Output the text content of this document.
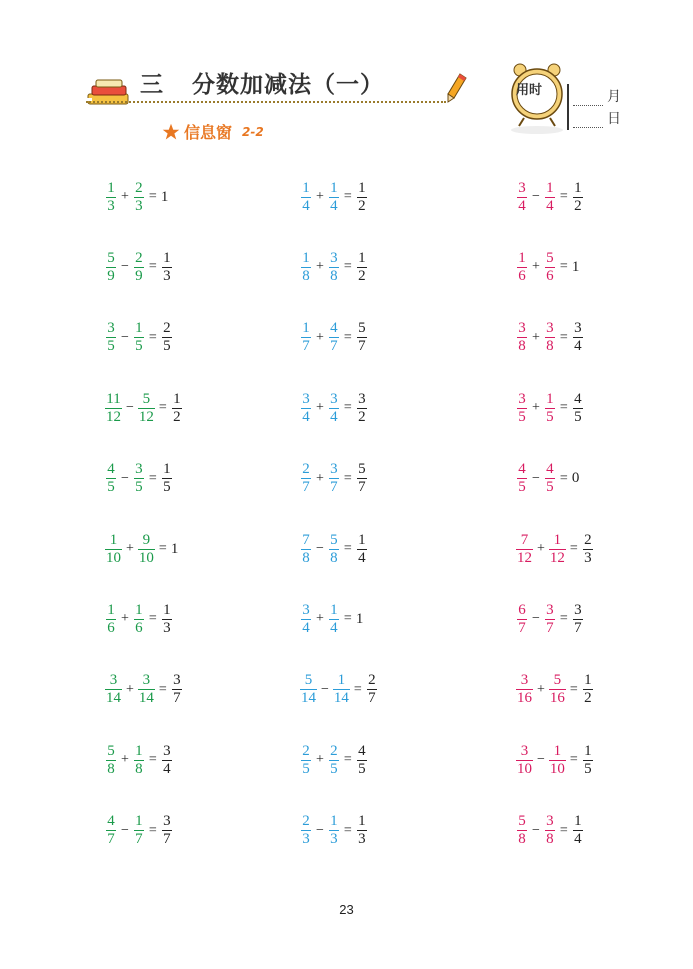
三 分数加减法（一）
信息窗 2-2
用时	月
日
$\frac{1}{3} + \frac{2}{3} = 1$
$\frac{5}{9} - \frac{2}{9} = \frac{1}{3}$
$\frac{3}{5} - \frac{1}{5} = \frac{2}{5}$
$\frac{11}{12} - \frac{5}{12} = \frac{1}{2}$
$\frac{4}{5} - \frac{3}{5} = \frac{1}{5}$
$\frac{1}{10} + \frac{9}{10} = 1$
$\frac{1}{6} + \frac{1}{6} = \frac{1}{3}$
$\frac{3}{14} + \frac{3}{14} = \frac{3}{7}$
$\frac{5}{8} + \frac{1}{8} = \frac{3}{4}$
$\frac{4}{7} - \frac{1}{7} = \frac{3}{7}$
$\frac{1}{4} + \frac{1}{4} = \frac{1}{2}$
$\frac{1}{8} + \frac{3}{8} = \frac{1}{2}$
$\frac{1}{7} + \frac{4}{7} = \frac{5}{7}$
$\frac{3}{4} + \frac{3}{4} = \frac{3}{2}$
$\frac{2}{7} + \frac{3}{7} = \frac{5}{7}$
$\frac{7}{8} - \frac{5}{8} = \frac{1}{4}$
$\frac{3}{4} + \frac{1}{4} = 1$
$\frac{5}{14} - \frac{1}{14} = \frac{2}{7}$
$\frac{2}{5} + \frac{2}{5} = \frac{4}{5}$
$\frac{2}{3} - \frac{1}{3} = \frac{1}{3}$
$\frac{3}{4} - \frac{1}{4} = \frac{1}{2}$
$\frac{1}{6} + \frac{5}{6} = 1$
$\frac{3}{8} + \frac{3}{8} = \frac{3}{4}$
$\frac{3}{5} + \frac{1}{5} = \frac{4}{5}$
$\frac{4}{5} - \frac{4}{5} = 0$
$\frac{7}{12} + \frac{1}{12} = \frac{2}{3}$
$\frac{6}{7} - \frac{3}{7} = \frac{3}{7}$
$\frac{3}{16} + \frac{5}{16} = \frac{1}{2}$
$\frac{3}{10} - \frac{1}{10} = \frac{1}{5}$
$\frac{5}{8} - \frac{3}{8} = \frac{1}{4}$
23
